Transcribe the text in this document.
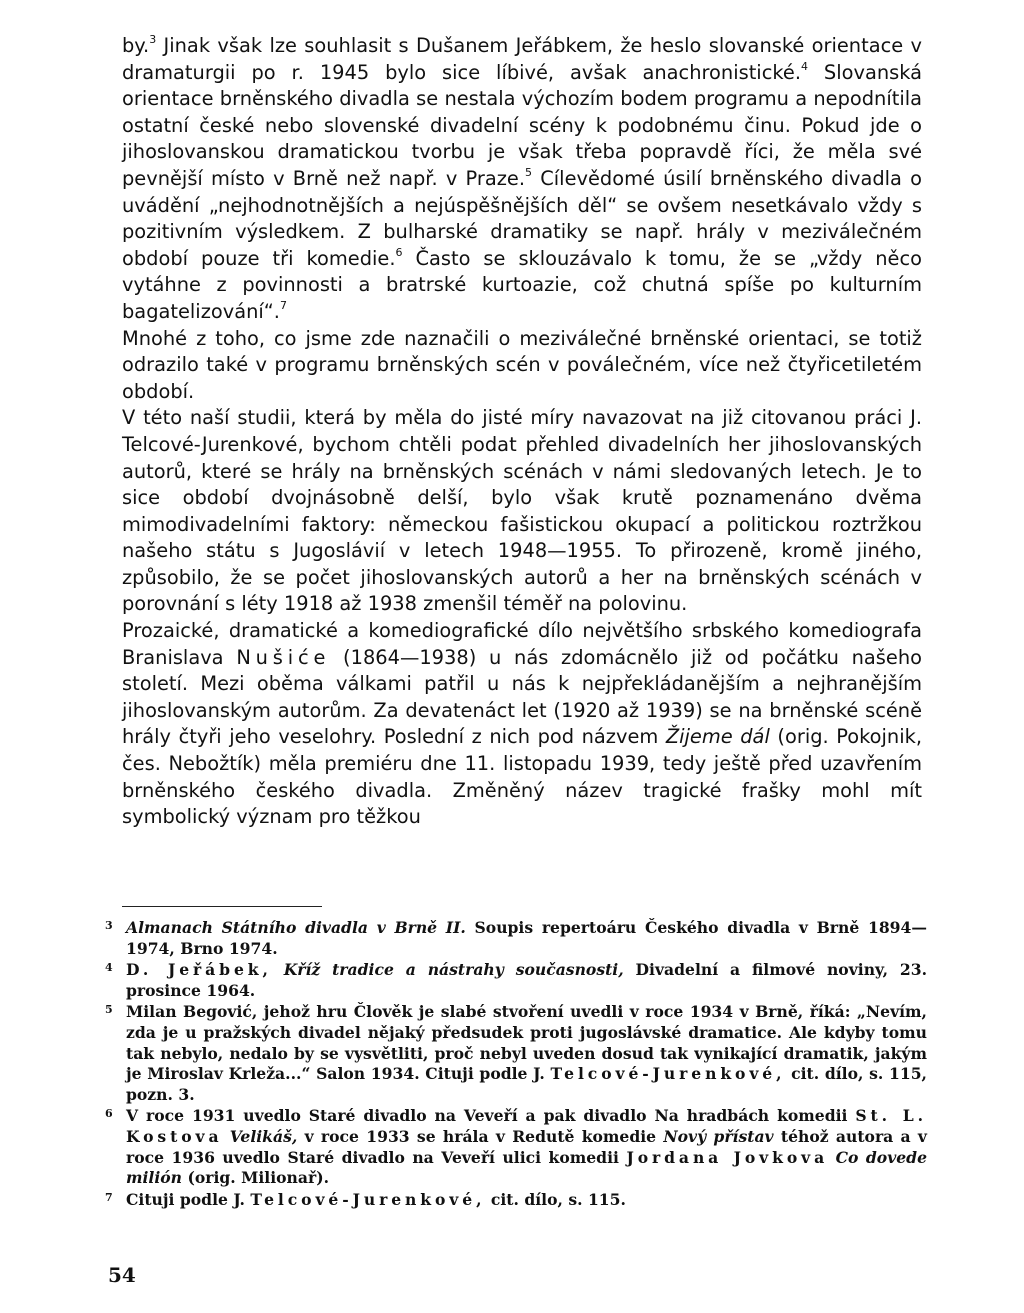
by.$^3$ Jinak však lze souhlasit s Dušanem Jeřábkem, že heslo slovanské orientace v dramaturgii po r. 1945 bylo sice líbivé, avšak anachronistické.$^4$ Slovanská orientace brněnského divadla se nestala výchozím bodem programu a nepodnítila ostatní české nebo slovenské divadelní scény k podobnému činu. Pokud jde o jihoslovanskou dramatickou tvorbu je však třeba popravdě říci, že měla své pevnější místo v Brně než např. v Praze.$^5$ Cílevědomé úsilí brněnského divadla o uvádění „nejhodnotnějších a nejúspěšnějších děl“ se ovšem nesetkávalo vždy s pozitivním výsledkem. Z bulharské dramatiky se např. hrály v meziválečném období pouze tři komedie.$^6$ Často se sklouzávalo k tomu, že se „vždy něco vytáhne z povinnosti a bratrské kurtoazie, což chutná spíše po kulturním bagatelizování“.$^7$

Mnohé z toho, co jsme zde naznačili o meziválečné brněnské orientaci, se totiž odrazilo také v programu brněnských scén v poválečném, více než čtyřicetiletém období.

V této naší studii, která by měla do jisté míry navazovat na již citovanou práci J. Telcové-Jurenkové, bychom chtěli podat přehled divadelních her jihoslovanských autorů, které se hrály na brněnských scénách v námi sledovaných letech. Je to sice období dvojnásobně delší, bylo však krutě poznamenáno dvěma mimodivadelními faktory: německou fašistickou okupací a politickou roztržkou našeho státu s Jugoslávií v letech 1948—1955. To přirozeně, kromě jiného, způsobilo, že se počet jihoslovanských autorů a her na brněnských scénách v porovnání s léty 1918 až 1938 zmenšil téměř na polovinu.

Prozaické, dramatické a komediografické dílo největšího srbského komediografa Branislava Nušiće (1864—1938) u nás zdomácnělo již od počátku našeho století. Mezi oběma válkami patřil u nás k nejpřekládanějším a nejhranějším jihoslovanským autorům. Za devatenáct let (1920 až 1939) se na brněnské scéně hrály čtyři jeho veselohry. Poslední z nich pod názvem Žijeme dál (orig. Pokojnik, čes. Nebožtík) měla premiéru dne 11. listopadu 1939, tedy ještě před uzavřením brněnského českého divadla. Změněný název tragické frašky mohl mít symbolický význam pro těžkou

3 Almanach Státního divadla v Brně II. Soupis repertoáru Českého divadla v Brně 1894—1974, Brno 1974.
4 D. Jeřábek, Kříž tradice a nástrahy současnosti, Divadelní a filmové noviny, 23. prosince 1964.
5 Milan Begović, jehož hru Člověk je slabé stvoření uvedli v roce 1934 v Brně, říká: „Nevím, zda je u pražských divadel nějaký předsudek proti jugoslávské dramatice. Ale kdyby tomu tak nebylo, nedalo by se vysvětliti, proč nebyl uveden dosud tak vynikající dramatik, jakým je Miroslav Krleža...“ Salon 1934. Cituji podle J. Telcové-Jurenkové, cit. dílo, s. 115, pozn. 3.
6 V roce 1931 uvedlo Staré divadlo na Veveří a pak divadlo Na hradbách komedii St. L. Kostova Velikáš, v roce 1933 se hrála v Redutě komedie Nový přístav téhož autora a v roce 1936 uvedlo Staré divadlo na Veveří ulici komedii Jordana Jovkova Co dovede milión (orig. Milionař).
7 Cituji podle J. Telcové-Jurenkové, cit. dílo, s. 115.
54
